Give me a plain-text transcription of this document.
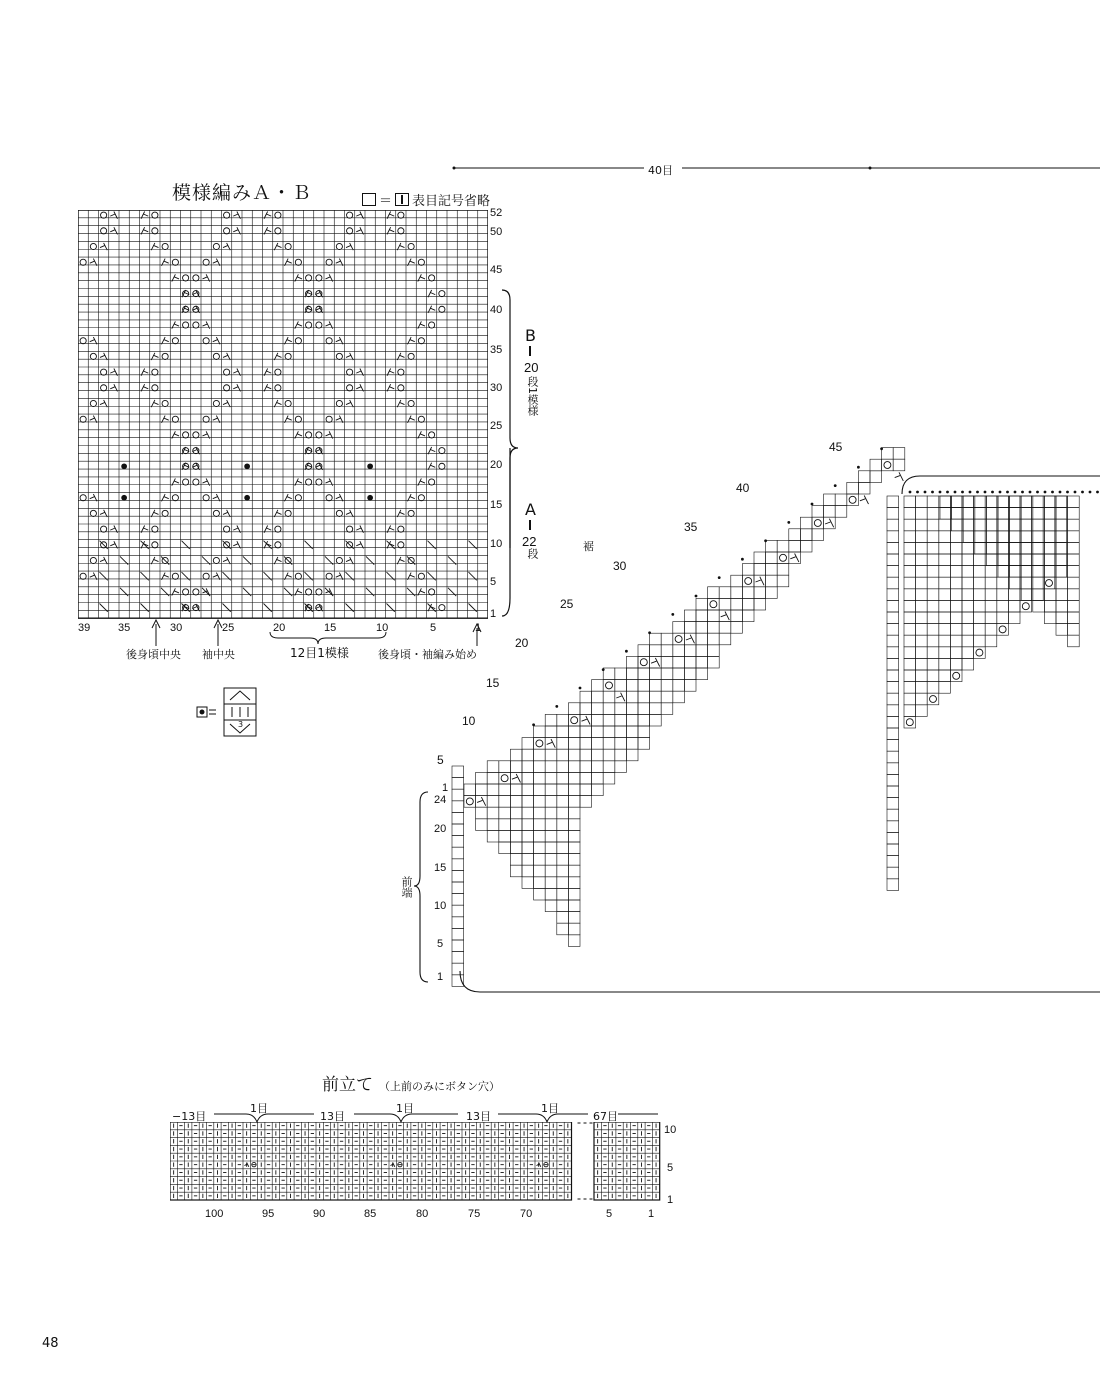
模様編みＡ・Ｂ	＝ 表目記号省略
52
50
45
40
35
30
25
20
15
10
5
1
B
20
段1模様
A
22
段
39	35	30	25	20	15	10	5	1
後身頃中央 袖中央	12目1模様	後身頃・袖編み始め
3
40目
裾
45
40
35
30
25
20
15
10
5
1
24
20
15
10
5
1
前端
前立て （上前のみにボタン穴）
−13目
1目
13目
1目
13目
1目
67目
100	95	90	85	80	75	70	5	1
10
5
1
48
